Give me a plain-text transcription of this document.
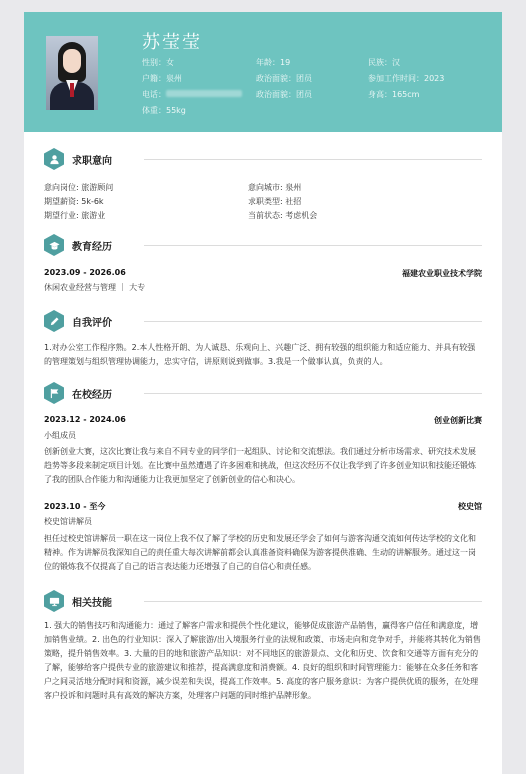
苏莹莹
性别：女	年龄：19	民族：汉
户籍：泉州	政治面貌：团员	参加工作时间：2023
电话：	政治面貌：团员	身高：165cm
体重：55kg
求职意向
意向岗位: 旅游顾问	意向城市: 泉州
期望薪资: 5k-6k	求职类型: 社招
期望行业: 旅游业	当前状态: 考虑机会
教育经历
2023.09 - 2026.06	福建农业职业技术学院
休闲农业经营与管理 ｜ 大专
自我评价
1.对办公室工作程序熟。2.本人性格开朗、为人诚恳、乐观向上、兴趣广泛、拥有较强的组织能力和适应能力、并具有较强的管理策划与组织管理协调能力，忠实守信，讲原则说到做事。3.我是一个做事认真，负责的人。
在校经历
2023.12 - 2024.06	创业创新比赛
小组成员
创新创业大赛，这次比赛让我与来自不同专业的同学们一起组队、讨论和交流想法。我们通过分析市场需求、研究技术发展趋势等多段来制定项目计划。在比赛中虽然遭遇了许多困难和挑战，但这次经历不仅让我学到了许多创业知识和技能还锻炼了我的团队合作能力和沟通能力让我更加坚定了创新创业的信心和决心。
2023.10 - 至今	校史馆
校史馆讲解员
担任过校史馆讲解员一职在这一岗位上我不仅了解了学校的历史和发展还学会了如何与游客沟通交流如何传达学校的文化和精神。作为讲解员我深知自己的责任重大每次讲解前都会认真准备资料确保为游客提供准确、生动的讲解服务。通过这一岗位的锻炼我不仅提高了自己的语言表达能力还增强了自己的自信心和责任感。
相关技能
1. 强大的销售技巧和沟通能力：通过了解客户需求和提供个性化建议，能够促成旅游产品销售，赢得客户信任和满意度，增加销售业绩。2. 出色的行业知识：深入了解旅游/出入境服务行业的法规和政策、市场走向和竞争对手，并能将其转化为销售策略，提升销售效率。3. 大量的目的地和旅游产品知识：对不同地区的旅游景点、文化和历史、饮食和交通等方面有充分的了解，能够给客户提供专业的旅游建议和推荐，提高满意度和消费额。4. 良好的组织和时间管理能力：能够在众多任务和客户之间灵活地分配时间和资源，减少误差和失误，提高工作效率。5. 高度的客户服务意识：为客户提供优质的服务，在处理客户投诉和问题时具有高效的解决方案，处理客户问题的同时维护品牌形象。
